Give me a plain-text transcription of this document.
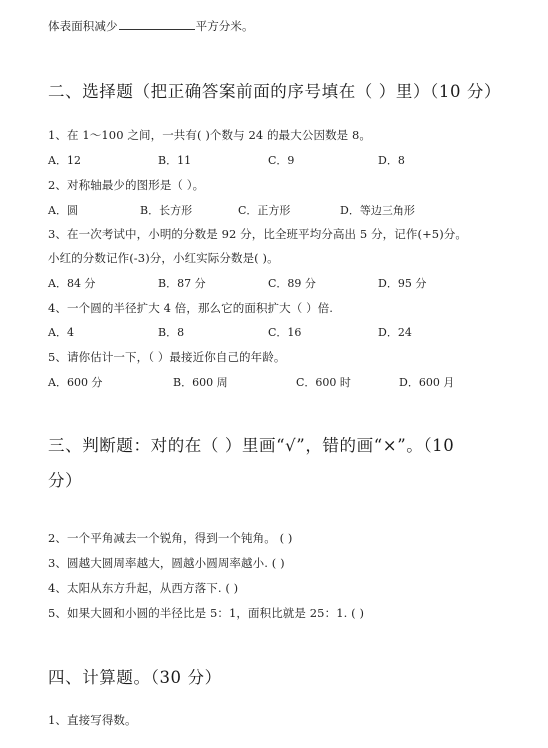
体表面积减少	平方分米。
二、选择题（把正确答案前面的序号填在（ ）里）（10 分）
1、在 1～100 之间，一共有( )个数与 24 的最大公因数是 8。
A．12	B．11	C．9	D．8
2、对称轴最少的图形是（ ）。
A．圆	B．长方形	C．正方形	D．等边三角形
3、在一次考试中，小明的分数是 92 分，比全班平均分高出 5 分，记作(+5)分。
小红的分数记作(-3)分，小红实际分数是( )。
A．84 分	B．87 分	C．89 分	D．95 分
4、一个圆的半径扩大 4 倍，那么它的面积扩大（ ）倍.
A．4	B．8	C．16	D．24
5、请你估计一下，（ ）最接近你自己的年龄。
A．600 分	B．600 周	C．600 时	D．600 月
三、判断题：对的在（ ）里画“√”，错的画“×”。（10
分）
2、一个平角减去一个锐角，得到一个钝角。 ( )
3、圆越大圆周率越大，圆越小圆周率越小. ( )
4、太阳从东方升起，从西方落下. ( )
5、如果大圆和小圆的半径比是 5：1，面积比就是 25：1. ( )
四、计算题。（30 分）
1、直接写得数。
